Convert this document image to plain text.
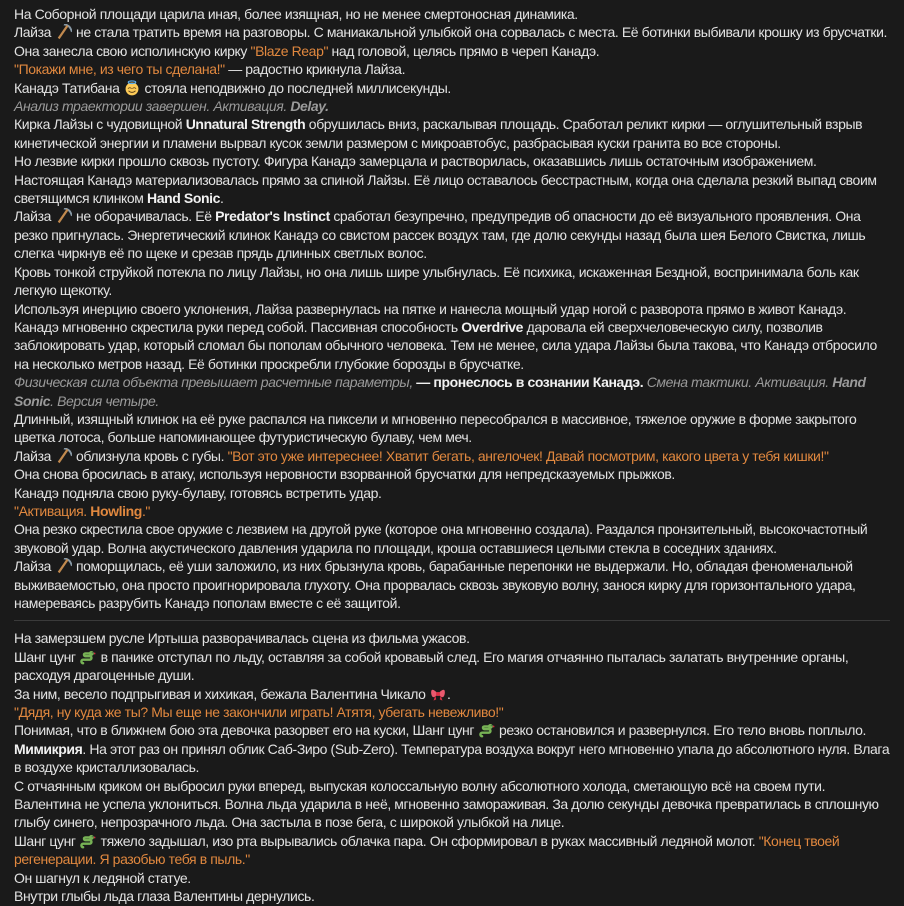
На Соборной площади царила иная, более изящная, но не менее смертоносная динамика.

Лайза  не стала тратить время на разговоры. С маниакальной улыбкой она сорвалась с места. Её ботинки выбивали крошку из брусчатки.

Она занесла свою исполинскую кирку "Blaze Reap" над головой, целясь прямо в череп Канадэ.

"Покажи мне, из чего ты сделана!" — радостно крикнула Лайза.

Канадэ Татибана  стояла неподвижно до последней миллисекунды.

Анализ траектории завершен. Активация. Delay.

Кирка Лайзы с чудовищной Unnatural Strength обрушилась вниз, раскалывая площадь. Сработал реликт кирки — оглушительный взрыв кинетической энергии и пламени вырвал кусок земли размером с микроавтобус, разбрасывая куски гранита во все стороны.

Но лезвие кирки прошло сквозь пустоту. Фигура Канадэ замерцала и растворилась, оказавшись лишь остаточным изображением.

Настоящая Канадэ материализовалась прямо за спиной Лайзы. Её лицо оставалось бесстрастным, когда она сделала резкий выпад своим светящимся клинком Hand Sonic.

Лайза  не оборачивалась. Её Predator's Instinct сработал безупречно, предупредив об опасности до её визуального проявления. Она резко пригнулась. Энергетический клинок Канадэ со свистом рассек воздух там, где долю секунды назад была шея Белого Свистка, лишь слегка чиркнув её по щеке и срезав прядь длинных светлых волос.

Кровь тонкой струйкой потекла по лицу Лайзы, но она лишь шире улыбнулась. Её психика, искаженная Бездной, воспринимала боль как легкую щекотку.

Используя инерцию своего уклонения, Лайза развернулась на пятке и нанесла мощный удар ногой с разворота прямо в живот Канадэ.

Канадэ мгновенно скрестила руки перед собой. Пассивная способность Overdrive даровала ей сверхчеловеческую силу, позволив заблокировать удар, который сломал бы пополам обычного человека. Тем не менее, сила удара Лайзы была такова, что Канадэ отбросило на несколько метров назад. Её ботинки проскребли глубокие борозды в брусчатке.

Физическая сила объекта превышает расчетные параметры, — пронеслось в сознании Канадэ. Смена тактики. Активация. Hand Sonic. Версия четыре.

Длинный, изящный клинок на её руке распался на пиксели и мгновенно пересобрался в массивное, тяжелое оружие в форме закрытого цветка лотоса, больше напоминающее футуристическую булаву, чем меч.

Лайза  облизнула кровь с губы. "Вот это уже интереснее! Хватит бегать, ангелочек! Давай посмотрим, какого цвета у тебя кишки!"

Она снова бросилась в атаку, используя неровности взорванной брусчатки для непредсказуемых прыжков.

Канадэ подняла свою руку-булаву, готовясь встретить удар.

"Активация. Howling."

Она резко скрестила свое оружие с лезвием на другой руке (которое она мгновенно создала). Раздался пронзительный, высокочастотный звуковой удар. Волна акустического давления ударила по площади, кроша оставшиеся целыми стекла в соседних зданиях.

Лайза  поморщилась, её уши заложило, из них брызнула кровь, барабанные перепонки не выдержали. Но, обладая феноменальной выживаемостью, она просто проигнорировала глухоту. Она прорвалась сквозь звуковую волну, занося кирку для горизонтального удара, намереваясь разрубить Канадэ пополам вместе с её защитой.

На замерзшем русле Иртыша разворачивалась сцена из фильма ужасов.

Шанг цунг  в панике отступал по льду, оставляя за собой кровавый след. Его магия отчаянно пыталась залатать внутренние органы, расходуя драгоценные души.

За ним, весело подпрыгивая и хихикая, бежала Валентина Чикало .

"Дядя, ну куда же ты? Мы еще не закончили играть! Атятя, убегать невежливо!"

Понимая, что в ближнем бою эта девочка разорвет его на куски, Шанг цунг  резко остановился и развернулся. Его тело вновь поплыло.

Мимикрия. На этот раз он принял облик Саб-Зиро (Sub-Zero). Температура воздуха вокруг него мгновенно упала до абсолютного нуля. Влага в воздухе кристаллизовалась.

С отчаянным криком он выбросил руки вперед, выпуская колоссальную волну абсолютного холода, сметающую всё на своем пути.

Валентина не успела уклониться. Волна льда ударила в неё, мгновенно замораживая. За долю секунды девочка превратилась в сплошную глыбу синего, непрозрачного льда. Она застыла в позе бега, с широкой улыбкой на лице.

Шанг цунг  тяжело задышал, изо рта вырывались облачка пара. Он сформировал в руках массивный ледяной молот. "Конец твоей регенерации. Я разобью тебя в пыль."

Он шагнул к ледяной статуе.

Внутри глыбы льда глаза Валентины дернулись.
